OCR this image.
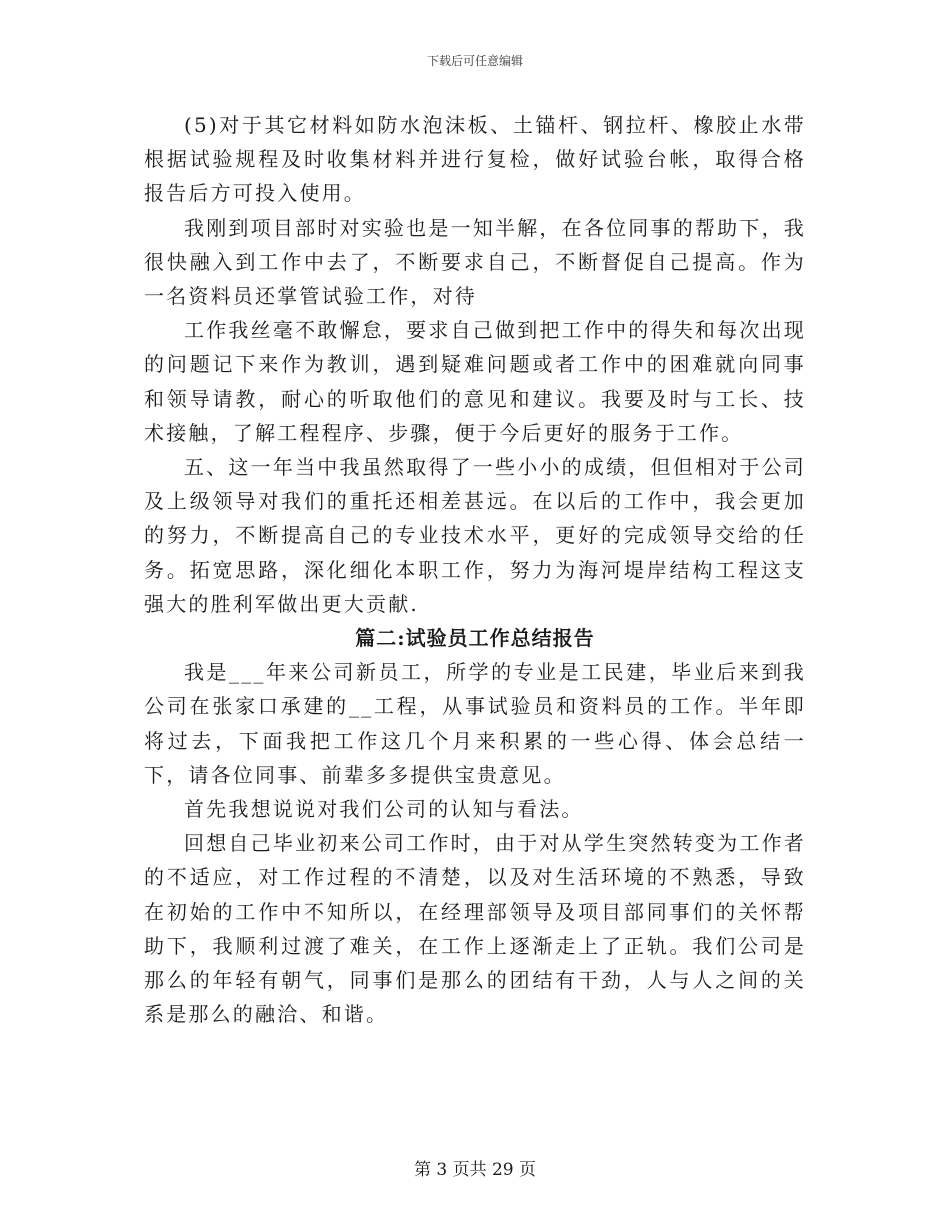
下载后可任意编辑

(5)对于其它材料如防水泡沫板、土锚杆、钢拉杆、橡胶止水带根据试验规程及时收集材料并进行复检，做好试验台帐，取得合格报告后方可投入使用。

我刚到项目部时对实验也是一知半解，在各位同事的帮助下，我很快融入到工作中去了，不断要求自己，不断督促自己提高。作为一名资料员还掌管试验工作，对待

工作我丝毫不敢懈怠，要求自己做到把工作中的得失和每次出现的问题记下来作为教训，遇到疑难问题或者工作中的困难就向同事和领导请教，耐心的听取他们的意见和建议。我要及时与工长、技术接触，了解工程程序、步骤，便于今后更好的服务于工作。

五、这一年当中我虽然取得了一些小小的成绩，但但相对于公司及上级领导对我们的重托还相差甚远。在以后的工作中，我会更加的努力，不断提高自己的专业技术水平，更好的完成领导交给的任务。拓宽思路，深化细化本职工作，努力为海河堤岸结构工程这支强大的胜利军做出更大贡献.

篇二:试验员工作总结报告

我是___年来公司新员工，所学的专业是工民建，毕业后来到我公司在张家口承建的__工程，从事试验员和资料员的工作。半年即将过去，下面我把工作这几个月来积累的一些心得、体会总结一下，请各位同事、前辈多多提供宝贵意见。

首先我想说说对我们公司的认知与看法。

回想自己毕业初来公司工作时，由于对从学生突然转变为工作者的不适应，对工作过程的不清楚，以及对生活环境的不熟悉，导致在初始的工作中不知所以，在经理部领导及项目部同事们的关怀帮助下，我顺利过渡了难关，在工作上逐渐走上了正轨。我们公司是那么的年轻有朝气，同事们是那么的团结有干劲，人与人之间的关系是那么的融洽、和谐。

第 3 页共 29 页
